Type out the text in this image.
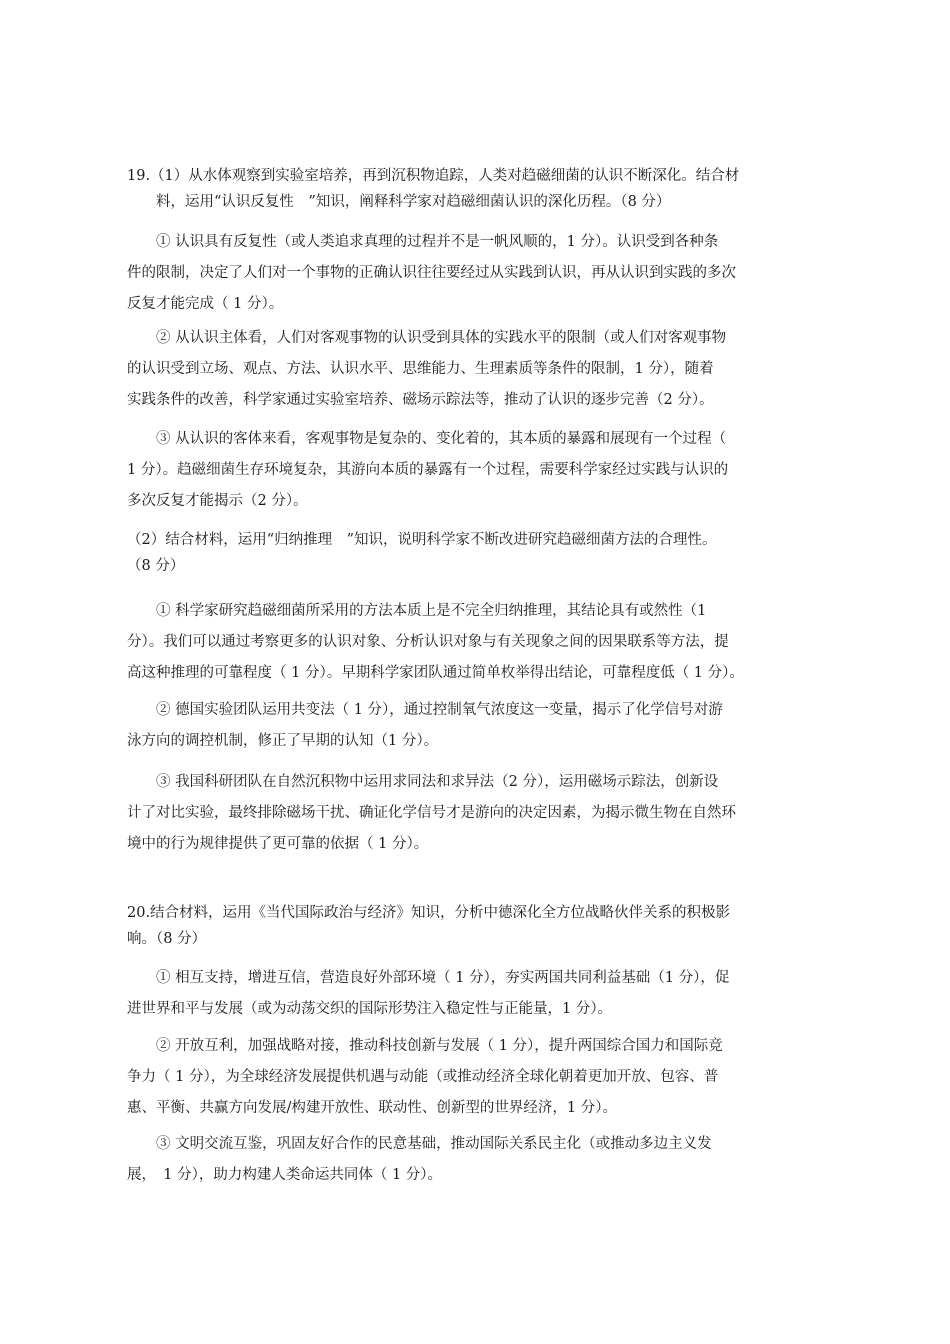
19.（1）从水体观察到实验室培养，再到沉积物追踪，人类对趋磁细菌的认识不断深化。结合材
　　料，运用“认识反复性　”知识，阐释科学家对趋磁细菌认识的深化历程。（8 分）
　　① 认识具有反复性（或人类追求真理的过程并不是一帆风顺的，1 分）。认识受到各种条
件的限制，决定了人们对一个事物的正确认识往往要经过从实践到认识，再从认识到实践的多次
反复才能完成（ 1 分）。
　　② 从认识主体看，人们对客观事物的认识受到具体的实践水平的限制（或人们对客观事物
的认识受到立场、观点、方法、认识水平、思维能力、生理素质等条件的限制，1 分），随着
实践条件的改善，科学家通过实验室培养、磁场示踪法等，推动了认识的逐步完善（2 分）。
　　③ 从认识的客体来看，客观事物是复杂的、变化着的，其本质的暴露和展现有一个过程（
1 分）。趋磁细菌生存环境复杂，其游向本质的暴露有一个过程，需要科学家经过实践与认识的
多次反复才能揭示（2 分）。
（2）结合材料，运用“归纳推理　”知识，说明科学家不断改进研究趋磁细菌方法的合理性。
（8 分）
　　① 科学家研究趋磁细菌所采用的方法本质上是不完全归纳推理，其结论具有或然性（1
分）。我们可以通过考察更多的认识对象、分析认识对象与有关现象之间的因果联系等方法，提
高这种推理的可靠程度（ 1 分）。早期科学家团队通过简单枚举得出结论，可靠程度低（ 1 分）。
　　② 德国实验团队运用共变法（ 1 分），通过控制氧气浓度这一变量，揭示了化学信号对游
泳方向的调控机制，修正了早期的认知（1 分）。
　　③ 我国科研团队在自然沉积物中运用求同法和求异法（2 分），运用磁场示踪法，创新设
计了对比实验，最终排除磁场干扰、确证化学信号才是游向的决定因素，为揭示微生物在自然环
境中的行为规律提供了更可靠的依据（ 1 分）。
20.结合材料，运用《当代国际政治与经济》知识，分析中德深化全方位战略伙伴关系的积极影
响。（8 分）
　　① 相互支持，增进互信，营造良好外部环境（ 1 分），夯实两国共同利益基础（1 分），促
进世界和平与发展（或为动荡交织的国际形势注入稳定性与正能量，1 分）。
　　② 开放互利，加强战略对接，推动科技创新与发展（ 1 分），提升两国综合国力和国际竞
争力（ 1 分），为全球经济发展提供机遇与动能（或推动经济全球化朝着更加开放、包容、普
惠、平衡、共赢方向发展/构建开放性、联动性、创新型的世界经济，1 分）。
　　③ 文明交流互鉴，巩固友好合作的民意基础，推动国际关系民主化（或推动多边主义发
展，　1 分），助力构建人类命运共同体（ 1 分）。
